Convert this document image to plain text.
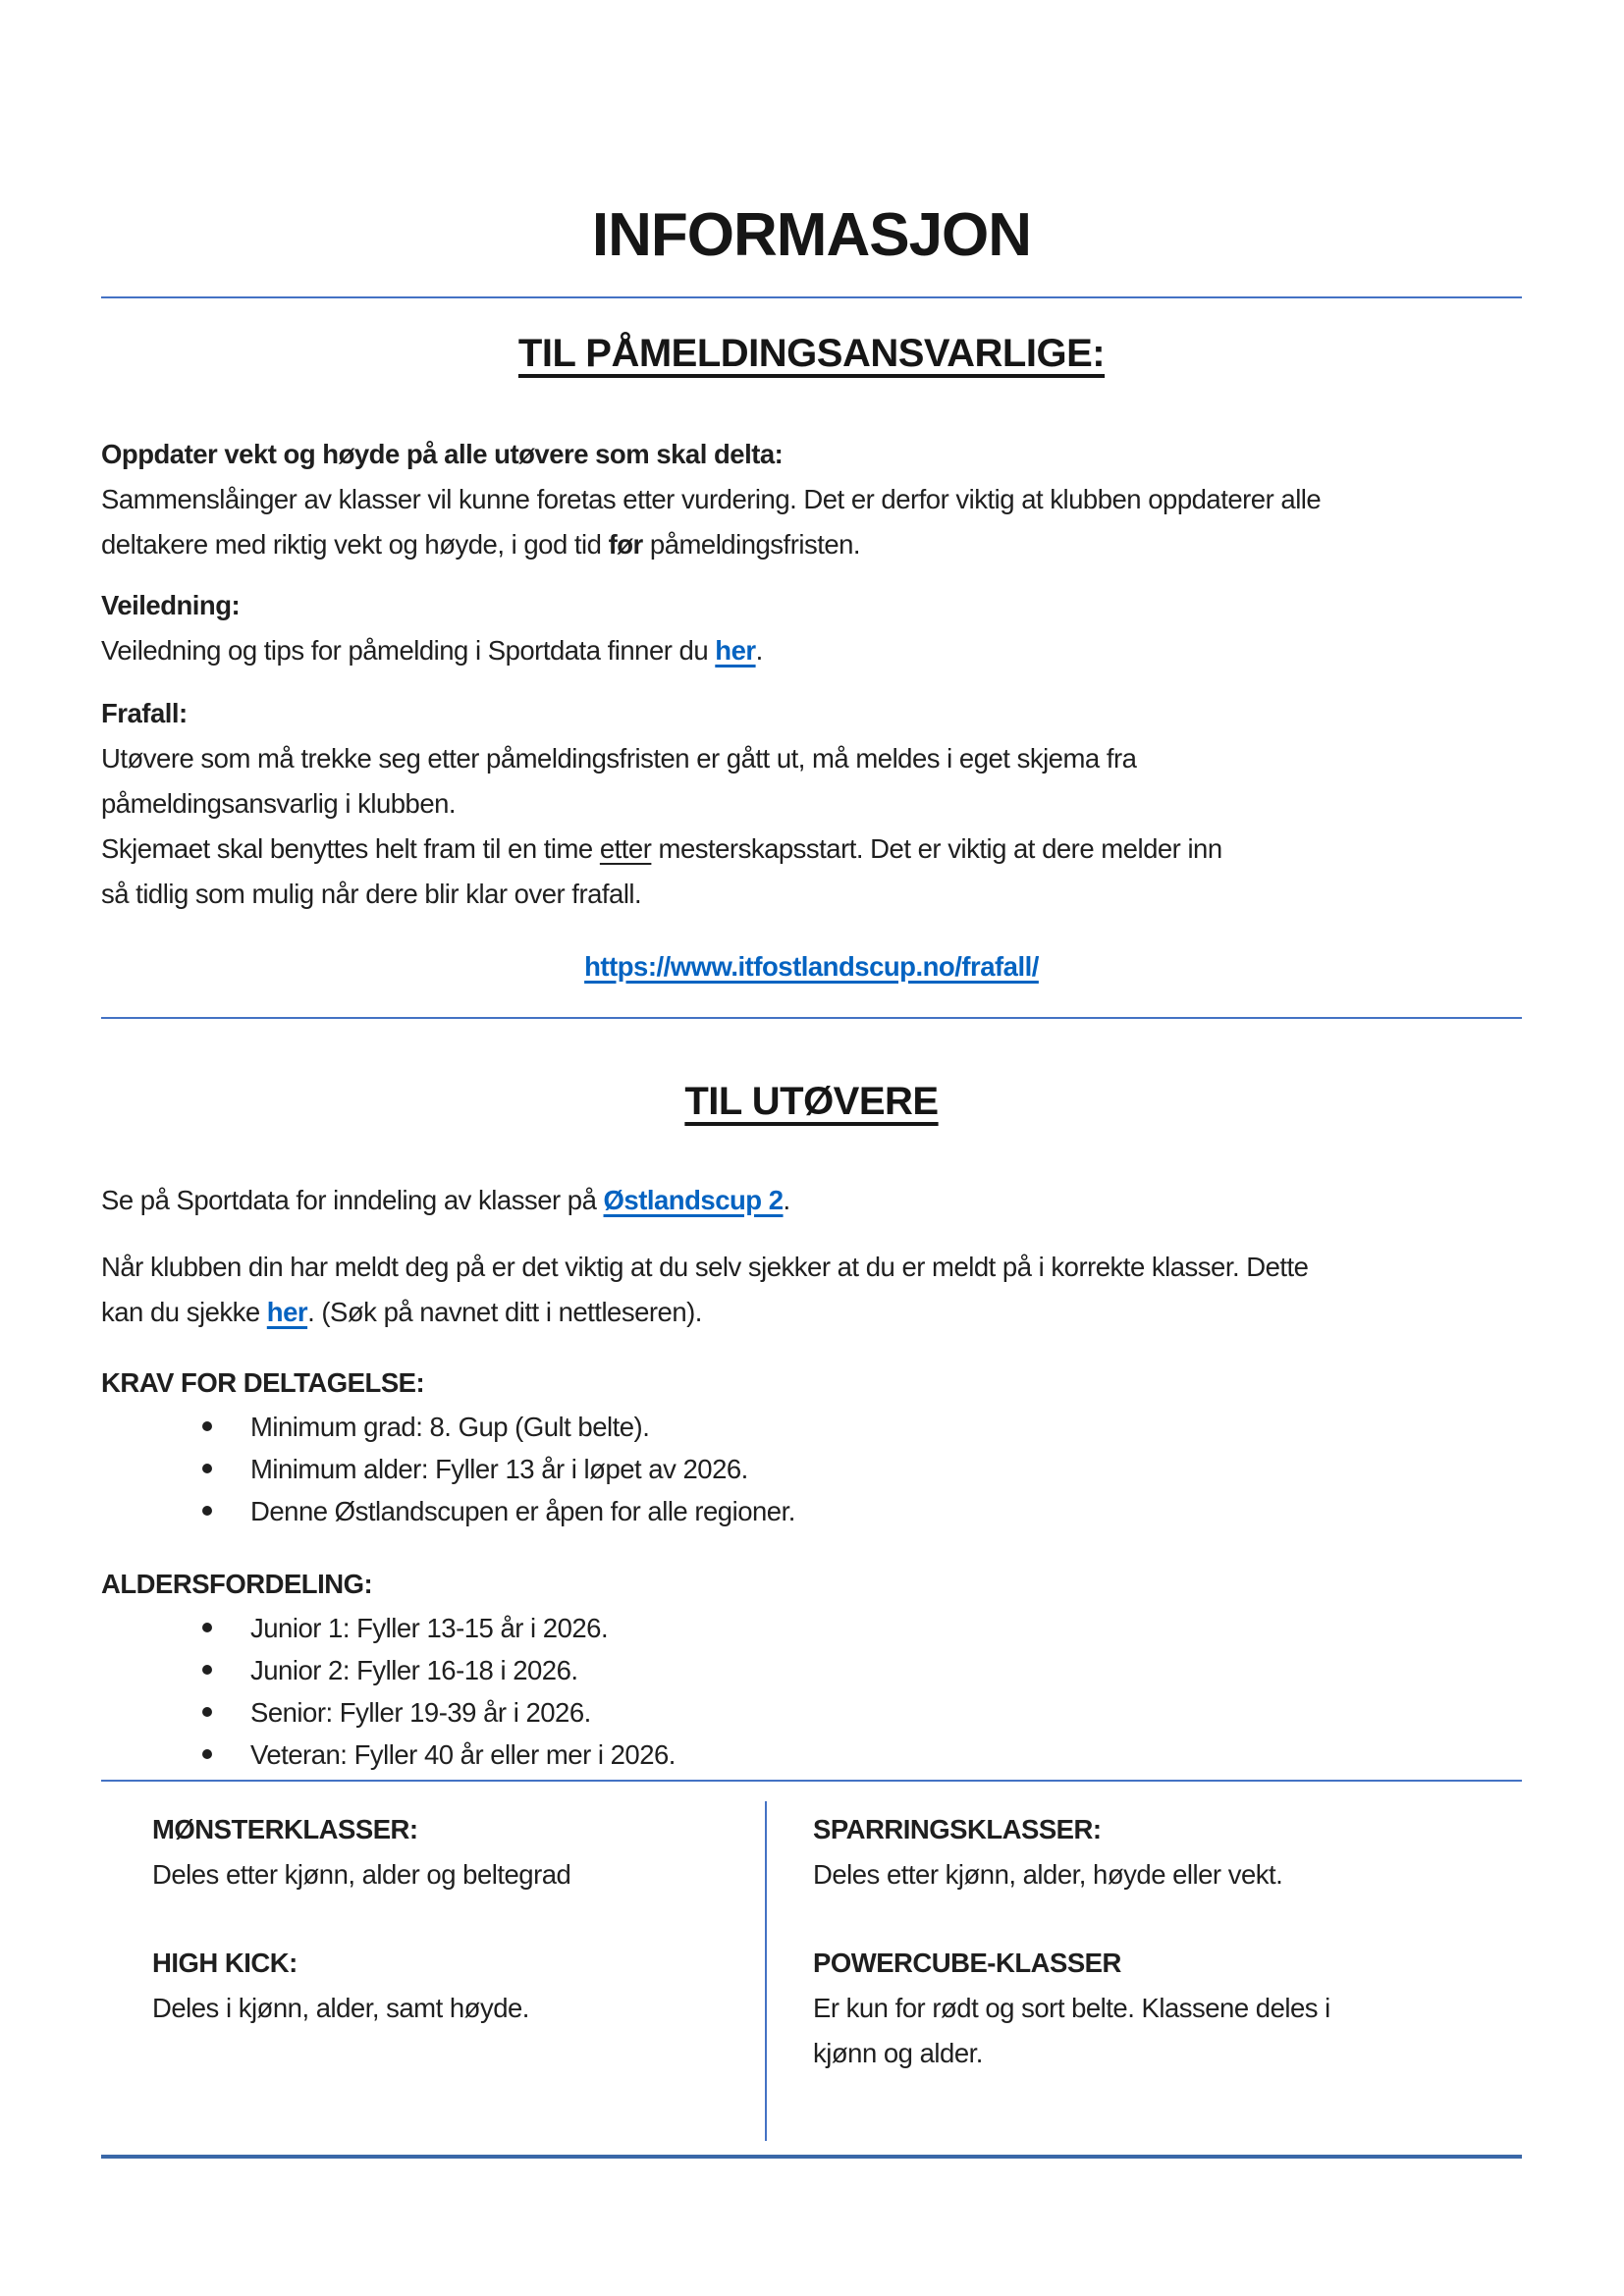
INFORMASJON
TIL PÅMELDINGSANSVARLIGE:

Oppdater vekt og høyde på alle utøvere som skal delta:

Sammenslåinger av klasser vil kunne foretas etter vurdering. Det er derfor viktig at klubben oppdaterer alle
deltakere med riktig vekt og høyde, i god tid før påmeldingsfristen.

Veiledning:

Veiledning og tips for påmelding i Sportdata finner du her.

Frafall:

Utøvere som må trekke seg etter påmeldingsfristen er gått ut, må meldes i eget skjema fra
påmeldingsansvarlig i klubben.

Skjemaet skal benyttes helt fram til en time etter mesterskapsstart. Det er viktig at dere melder inn
så tidlig som mulig når dere blir klar over frafall.

https://www.itfostlandscup.no/frafall/

TIL UTØVERE

Se på Sportdata for inndeling av klasser på Østlandscup 2.

Når klubben din har meldt deg på er det viktig at du selv sjekker at du er meldt på i korrekte klasser. Dette
kan du sjekke her. (Søk på navnet ditt i nettleseren).

KRAV FOR DELTAGELSE:

Minimum grad: 8. Gup (Gult belte).
Minimum alder: Fyller 13 år i løpet av 2026.
Denne Østlandscupen er åpen for alle regioner.

ALDERSFORDELING:

Junior 1: Fyller 13-15 år i 2026.
Junior 2: Fyller 16-18 i 2026.
Senior: Fyller 19-39 år i 2026.
Veteran: Fyller 40 år eller mer i 2026.

MØNSTERKLASSER:

Deles etter kjønn, alder og beltegrad

HIGH KICK:

Deles i kjønn, alder, samt høyde.

SPARRINGSKLASSER:

Deles etter kjønn, alder, høyde eller vekt.

POWERCUBE-KLASSER

Er kun for rødt og sort belte. Klassene deles i
kjønn og alder.
